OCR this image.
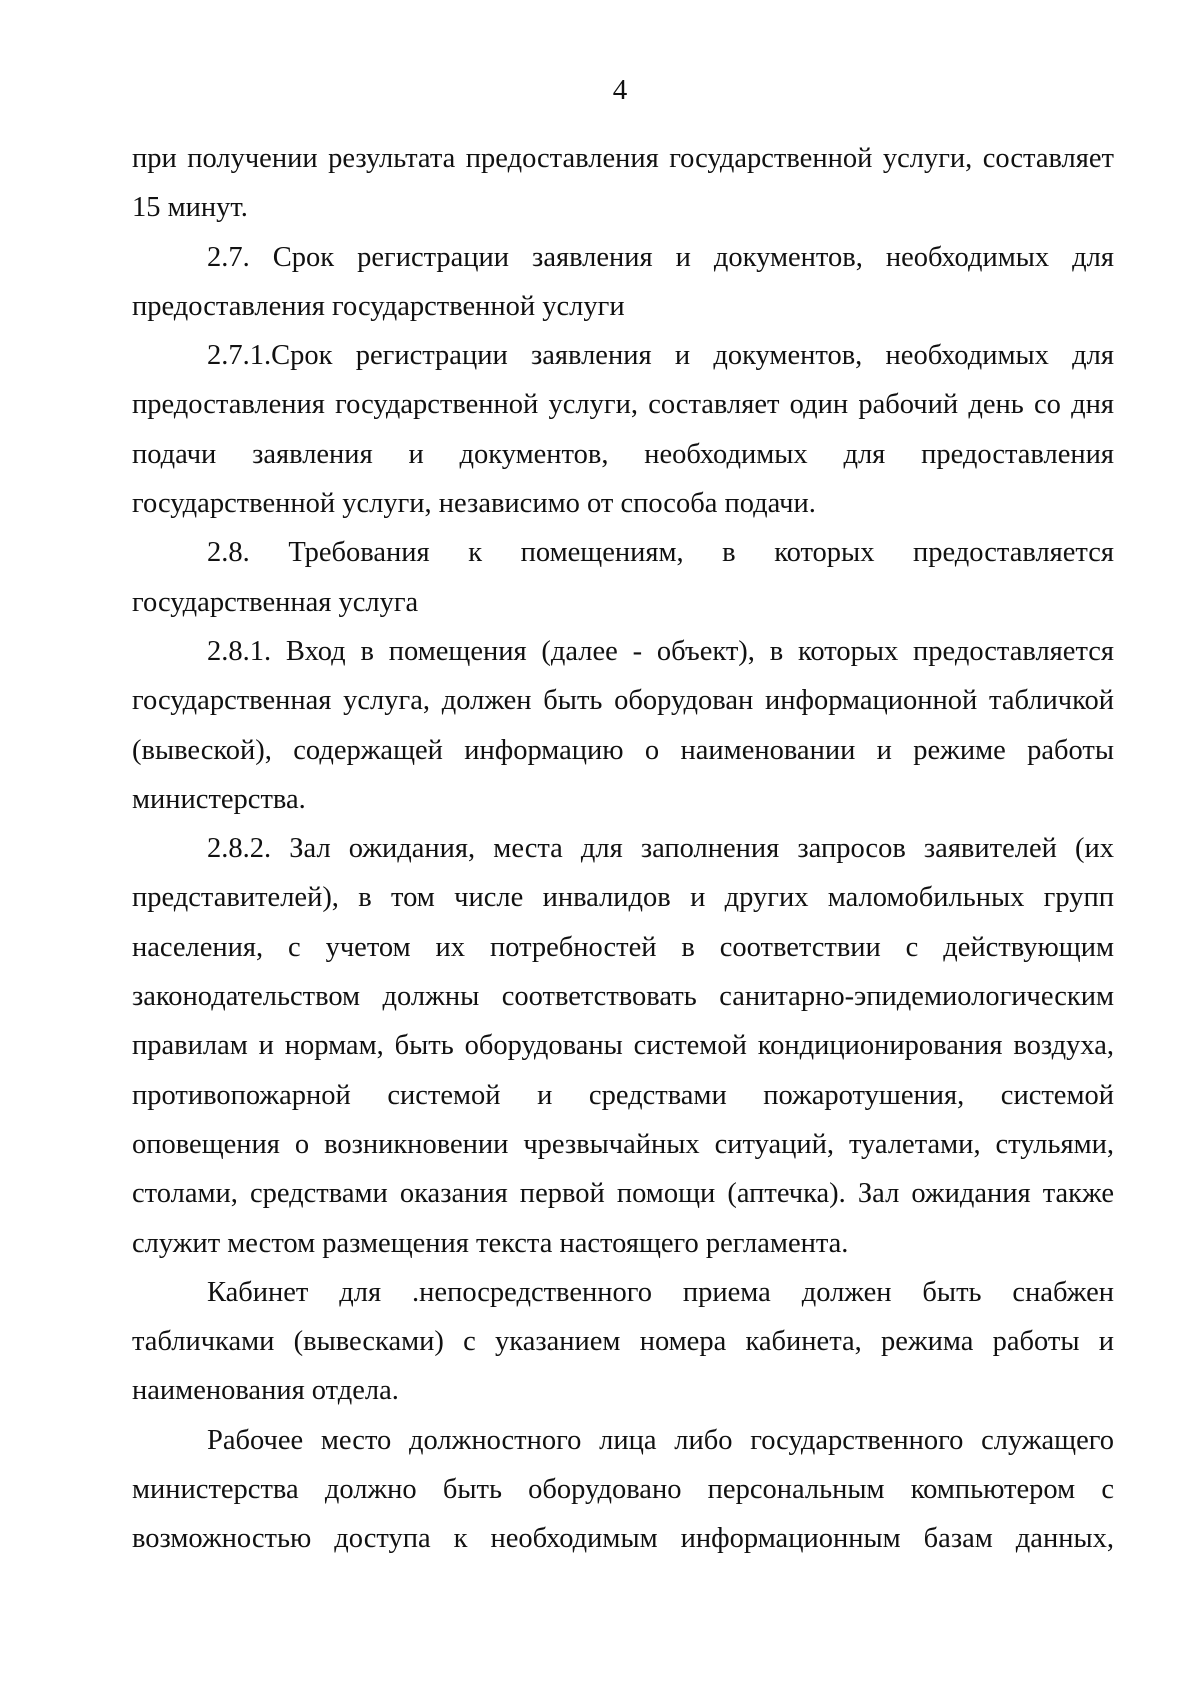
4

при получении результата предоставления государственной услуги, составляет 15 минут.

2.7. Срок регистрации заявления и документов, необходимых для предоставления государственной услуги

2.7.1.Срок регистрации заявления и документов, необходимых для предоставления государственной услуги, составляет один рабочий день со дня подачи заявления и документов, необходимых для предоставления государственной услуги, независимо от способа подачи.

2.8. Требования к помещениям, в которых предоставляется государственная услуга

2.8.1. Вход в помещения (далее - объект), в которых предоставляется государственная услуга, должен быть оборудован информационной табличкой (вывеской), содержащей информацию о наименовании и режиме работы министерства.

2.8.2. Зал ожидания, места для заполнения запросов заявителей (их представителей), в том числе инвалидов и других маломобильных групп населения, с учетом их потребностей в соответствии с действующим законодательством должны соответствовать санитарно-эпидемиологическим правилам и нормам, быть оборудованы системой кондиционирования воздуха, противопожарной системой и средствами пожаротушения, системой оповещения о возникновении чрезвычайных ситуаций, туалетами, стульями, столами, средствами оказания первой помощи (аптечка). Зал ожидания также служит местом размещения текста настоящего регламента.

Кабинет для .непосредственного приема должен быть снабжен табличками (вывесками) с указанием номера кабинета, режима работы и наименования отдела.

Рабочее место должностного лица либо государственного служащего министерства должно быть оборудовано персональным компьютером с возможностью доступа к необходимым информационным базам данных,
